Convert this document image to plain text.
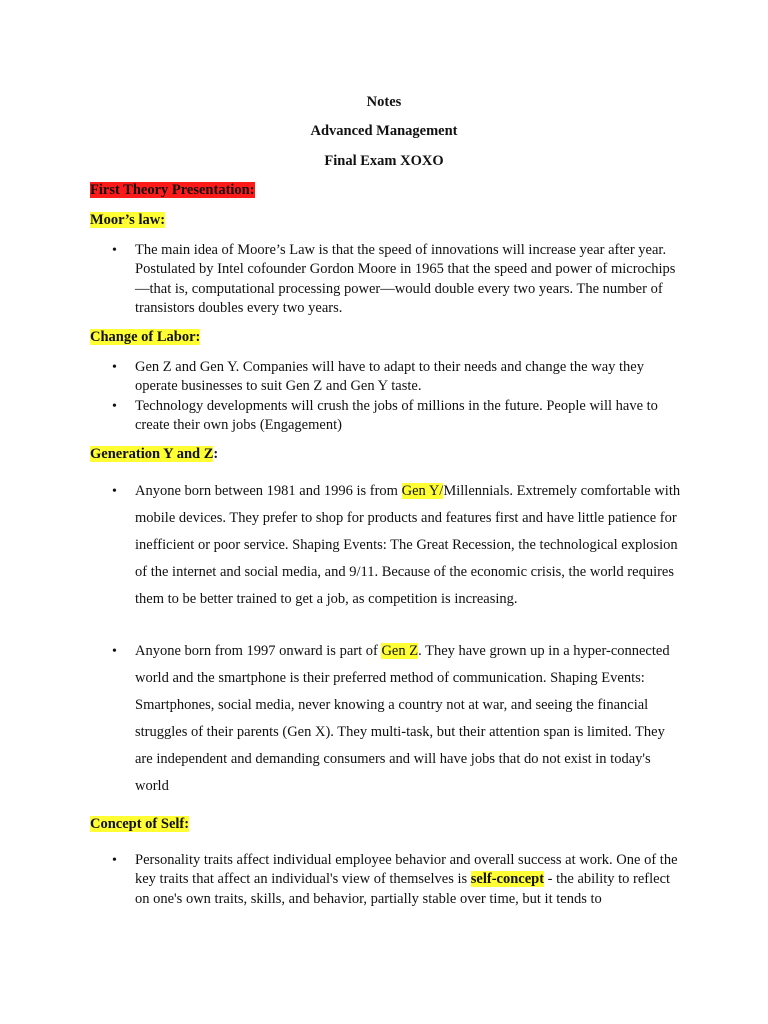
Notes
Advanced Management
Final Exam XOXO
First Theory Presentation:
Moor’s law:
• The main idea of Moore’s Law is that the speed of innovations will increase year after year. Postulated by Intel cofounder Gordon Moore in 1965 that the speed and power of microchips—that is, computational processing power—would double every two years. The number of transistors doubles every two years.
Change of Labor:
• Gen Z and Gen Y. Companies will have to adapt to their needs and change the way they operate businesses to suit Gen Z and Gen Y taste.
• Technology developments will crush the jobs of millions in the future. People will have to create their own jobs (Engagement)
Generation Y and Z:
• Anyone born between 1981 and 1996 is from Gen Y/Millennials. Extremely comfortable with mobile devices. They prefer to shop for products and features first and have little patience for inefficient or poor service. Shaping Events: The Great Recession, the technological explosion of the internet and social media, and 9/11. Because of the economic crisis, the world requires them to be better trained to get a job, as competition is increasing.
• Anyone born from 1997 onward is part of Gen Z. They have grown up in a hyper-connected world and the smartphone is their preferred method of communication. Shaping Events: Smartphones, social media, never knowing a country not at war, and seeing the financial struggles of their parents (Gen X). They multi-task, but their attention span is limited. They are independent and demanding consumers and will have jobs that do not exist in today's world
Concept of Self:
• Personality traits affect individual employee behavior and overall success at work. One of the key traits that affect an individual's view of themselves is self-concept - the ability to reflect on one's own traits, skills, and behavior, partially stable over time, but it tends to
